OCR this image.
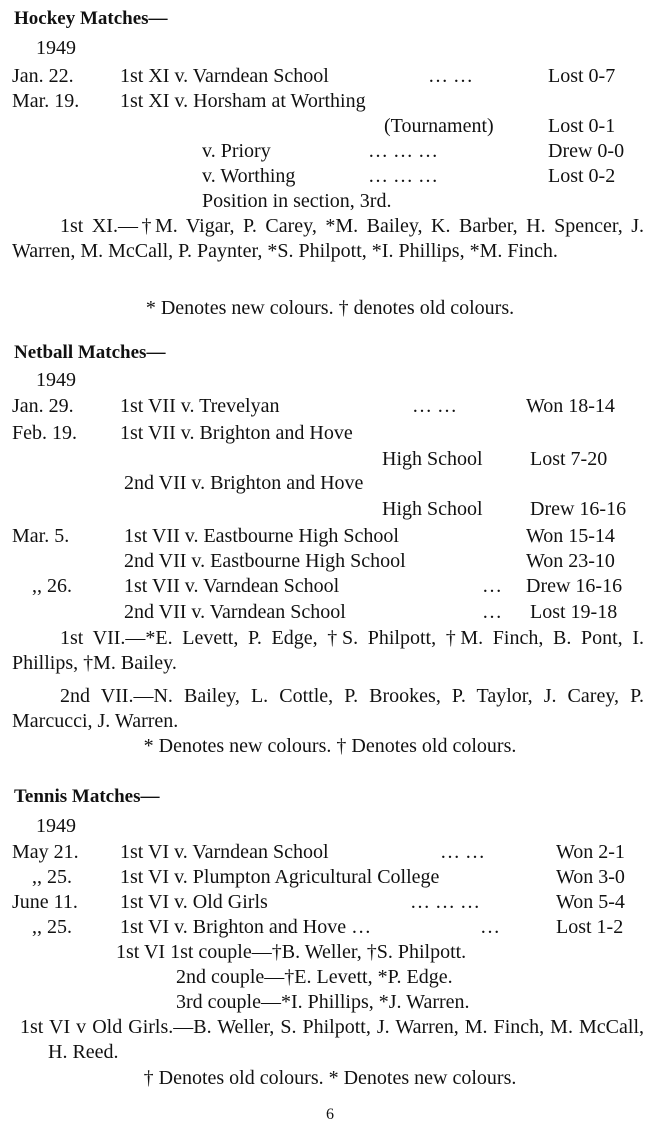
Hockey Matches—
1949
Jan. 22. 1st XI v. Varndean School	… …	Lost 0-7
Mar. 19. 1st XI v. Horsham at Worthing
(Tournament)	Lost 0-1
v. Priory	… … …	Drew 0-0
v. Worthing	… … …	Lost 0-2
Position in section, 3rd.
1st XI.—†M. Vigar, P. Carey, *M. Bailey, K. Barber, H. Spencer, J. Warren, M. McCall, P. Paynter, *S. Philpott, *I. Phillips, *M. Finch.
* Denotes new colours. † denotes old colours.
Netball Matches—
1949
Jan. 29. 1st VII v. Trevelyan	… …	Won 18-14
Feb. 19. 1st VII v. Brighton and Hove
High School Lost 7-20
2nd VII v. Brighton and Hove
High School Drew 16-16
Mar. 5.	1st VII v. Eastbourne High School	Won 15-14
2nd VII v. Eastbourne High School	Won 23-10
,, 26.	1st VII v. Varndean School	… Drew 16-16
2nd VII v. Varndean School	… Lost 19-18
1st VII.—*E. Levett, P. Edge, †S. Philpott, †M. Finch, B. Pont, I. Phillips, †M. Bailey.
2nd VII.—N. Bailey, L. Cottle, P. Brookes, P. Taylor, J. Carey, P. Marcucci, J. Warren.
* Denotes new colours. † Denotes old colours.
Tennis Matches—
1949
May 21. 1st VI v. Varndean School	… …	Won 2-1
,, 25. 1st VI v. Plumpton Agricultural College	Won 3-0
June 11. 1st VI v. Old Girls	… … …	Won 5-4
,, 25. 1st VI v. Brighton and Hove …	…	Lost 1-2
1st VI 1st couple—†B. Weller, †S. Philpott.
2nd couple—†E. Levett, *P. Edge.
3rd couple—*I. Phillips, *J. Warren.
1st VI v Old Girls.—B. Weller, S. Philpott, J. Warren, M. Finch, M. McCall, H. Reed.
† Denotes old colours. * Denotes new colours.
6
